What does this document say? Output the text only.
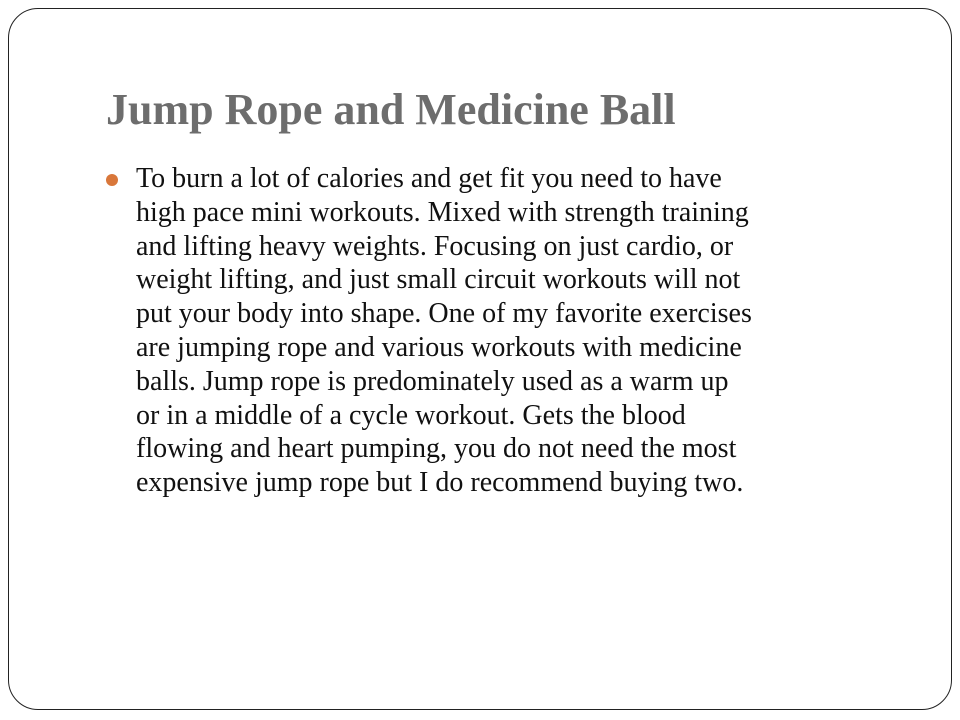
Jump Rope and Medicine Ball
To burn a lot of calories and get fit you need to have
high pace mini workouts. Mixed with strength training
and lifting heavy weights. Focusing on just cardio, or
weight lifting, and just small circuit workouts will not
put your body into shape. One of my favorite exercises
are jumping rope and various workouts with medicine
balls. Jump rope is predominately used as a warm up
or in a middle of a cycle workout. Gets the blood
flowing and heart pumping, you do not need the most
expensive jump rope but I do recommend buying two.
